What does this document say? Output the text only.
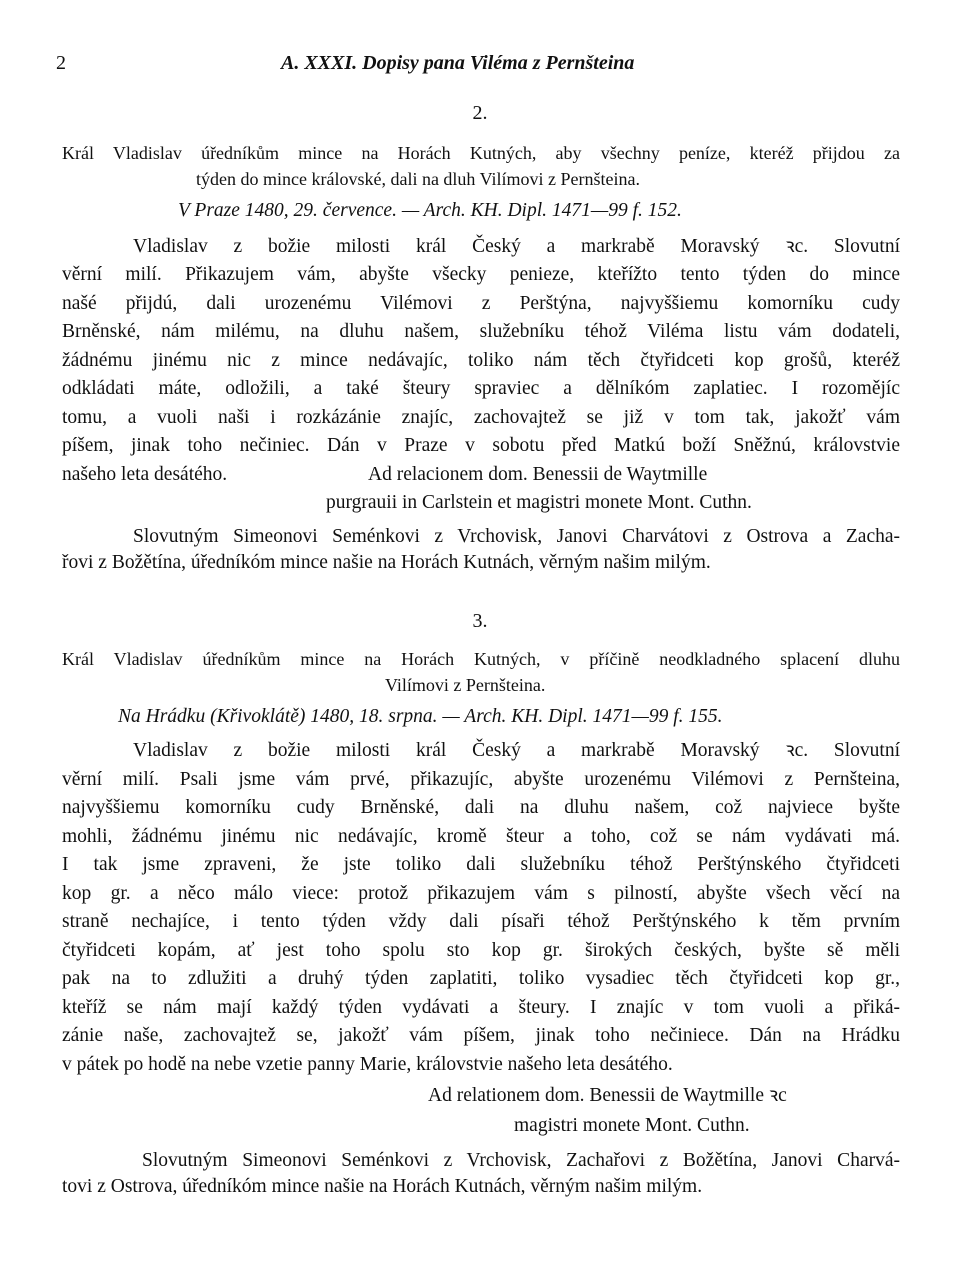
2	A. XXXI. Dopisy pana Viléma z Pernšteina
2.
Král Vladislav úředníkům mince na Horách Kutných, aby všechny peníze, kteréž přijdou za
týden do mince královské, dali na dluh Vilímovi z Pernšteina.
V Praze 1480, 29. července. — Arch. KH. Dipl. 1471—99 f. 152.
Vladislav z božie milosti král Český a markrabě Moravský ꝛc. Slovutní
věrní milí. Přikazujem vám, abyšte všecky penieze, kteřížto tento týden do mince
našé přijdú, dali urozenému Vilémovi z Perštýna, najvyššiemu komorníku cudy
Brněnské, nám milému, na dluhu našem, služebníku téhož Viléma listu vám dodateli,
žádnému jinému nic z mince nedávajíc, toliko nám těch čtyřidceti kop grošů, kteréž
odkládati máte, odložili, a také šteury spraviec a dělníkóm zaplatiec. I rozomějíc
tomu, a vuoli naši i rozkázánie znajíc, zachovajtež se již v tom tak, jakožť vám
píšem, jinak toho nečiniec. Dán v Praze v sobotu před Matkú boží Sněžnú, královstvie
našeho leta desátého.	Ad relacionem dom. Benessii de Waytmille
purgrauii in Carlstein et magistri monete Mont. Cuthn.
Slovutným Simeonovi Seménkovi z Vrchovisk, Janovi Charvátovi z Ostrova a Zacha-
řovi z Božětína, úředníkóm mince našie na Horách Kutnách, věrným našim milým.
3.
Král Vladislav úředníkům mince na Horách Kutných, v příčině neodkladného splacení dluhu
Vilímovi z Pernšteina.
Na Hrádku (Křivoklátě) 1480, 18. srpna. — Arch. KH. Dipl. 1471—99 f. 155.
Vladislav z božie milosti král Český a markrabě Moravský ꝛc. Slovutní
věrní milí. Psali jsme vám prvé, přikazujíc, abyšte urozenému Vilémovi z Pernšteina,
najvyššiemu komorníku cudy Brněnské, dali na dluhu našem, což najviece byšte
mohli, žádnému jinému nic nedávajíc, kromě šteur a toho, což se nám vydávati má.
I tak jsme zpraveni, že jste toliko dali služebníku téhož Perštýnského čtyřidceti
kop gr. a něco málo viece: protož přikazujem vám s pilností, abyšte všech věcí na
straně nechajíce, i tento týden vždy dali písaři téhož Perštýnského k těm prvním
čtyřidceti kopám, ať jest toho spolu sto kop gr. širokých českých, byšte sě měli
pak na to zdlužiti a druhý týden zaplatiti, toliko vysadiec těch čtyřidceti kop gr.,
kteříž se nám mají každý týden vydávati a šteury. I znajíc v tom vuoli a přiká-
zánie naše, zachovajtež se, jakožť vám píšem, jinak toho nečiniece. Dán na Hrádku
v pátek po hodě na nebe vzetie panny Marie, královstvie našeho leta desátého.
Ad relationem dom. Benessii de Waytmille ꝛc
magistri monete Mont. Cuthn.
Slovutným Simeonovi Seménkovi z Vrchovisk, Zachařovi z Božětína, Janovi Charvá-
tovi z Ostrova, úředníkóm mince našie na Horách Kutnách, věrným našim milým.
